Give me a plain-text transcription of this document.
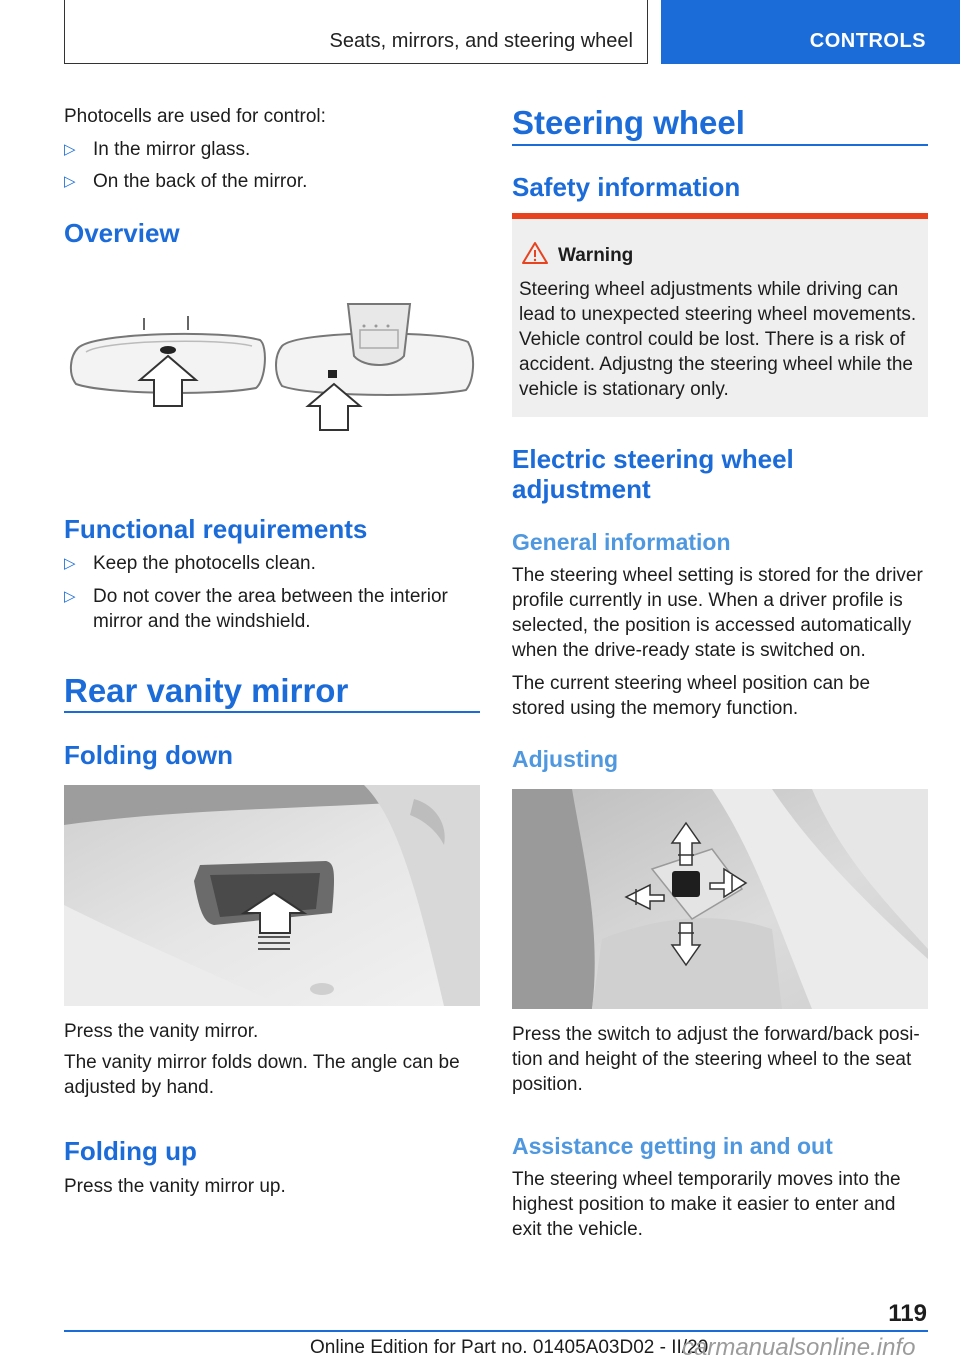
Seats, mirrors, and steering wheel	CONTROLS
Photocells are used for control:
▷ In the mirror glass.
▷ On the back of the mirror.
Overview
Functional requirements
▷ Keep the photocells clean.
▷ Do not cover the area between the interior mirror and the windshield.
Rear vanity mirror
Folding down
Press the vanity mirror.
The vanity mirror folds down. The angle can be adjusted by hand.
Folding up
Press the vanity mirror up.
Steering wheel
Safety information
Warning
Steering wheel adjustments while driving can lead to unexpected steering wheel movements. Vehicle control could be lost. There is a risk of accident. Adjustng the steering wheel while the vehicle is stationary only.
Electric steering wheel adjustment
General information
The steering wheel setting is stored for the driver profile currently in use. When a driver profile is selected, the position is accessed automatically when the drive-ready state is switched on.
The current steering wheel position can be stored using the memory function.
Adjusting
Press the switch to adjust the forward/back position and height of the steering wheel to the seat position.
Assistance getting in and out
The steering wheel temporarily moves into the highest position to make it easier to enter and exit the vehicle.
119
Online Edition for Part no. 01405A03D02 - II/20
carmanualsonline.info
